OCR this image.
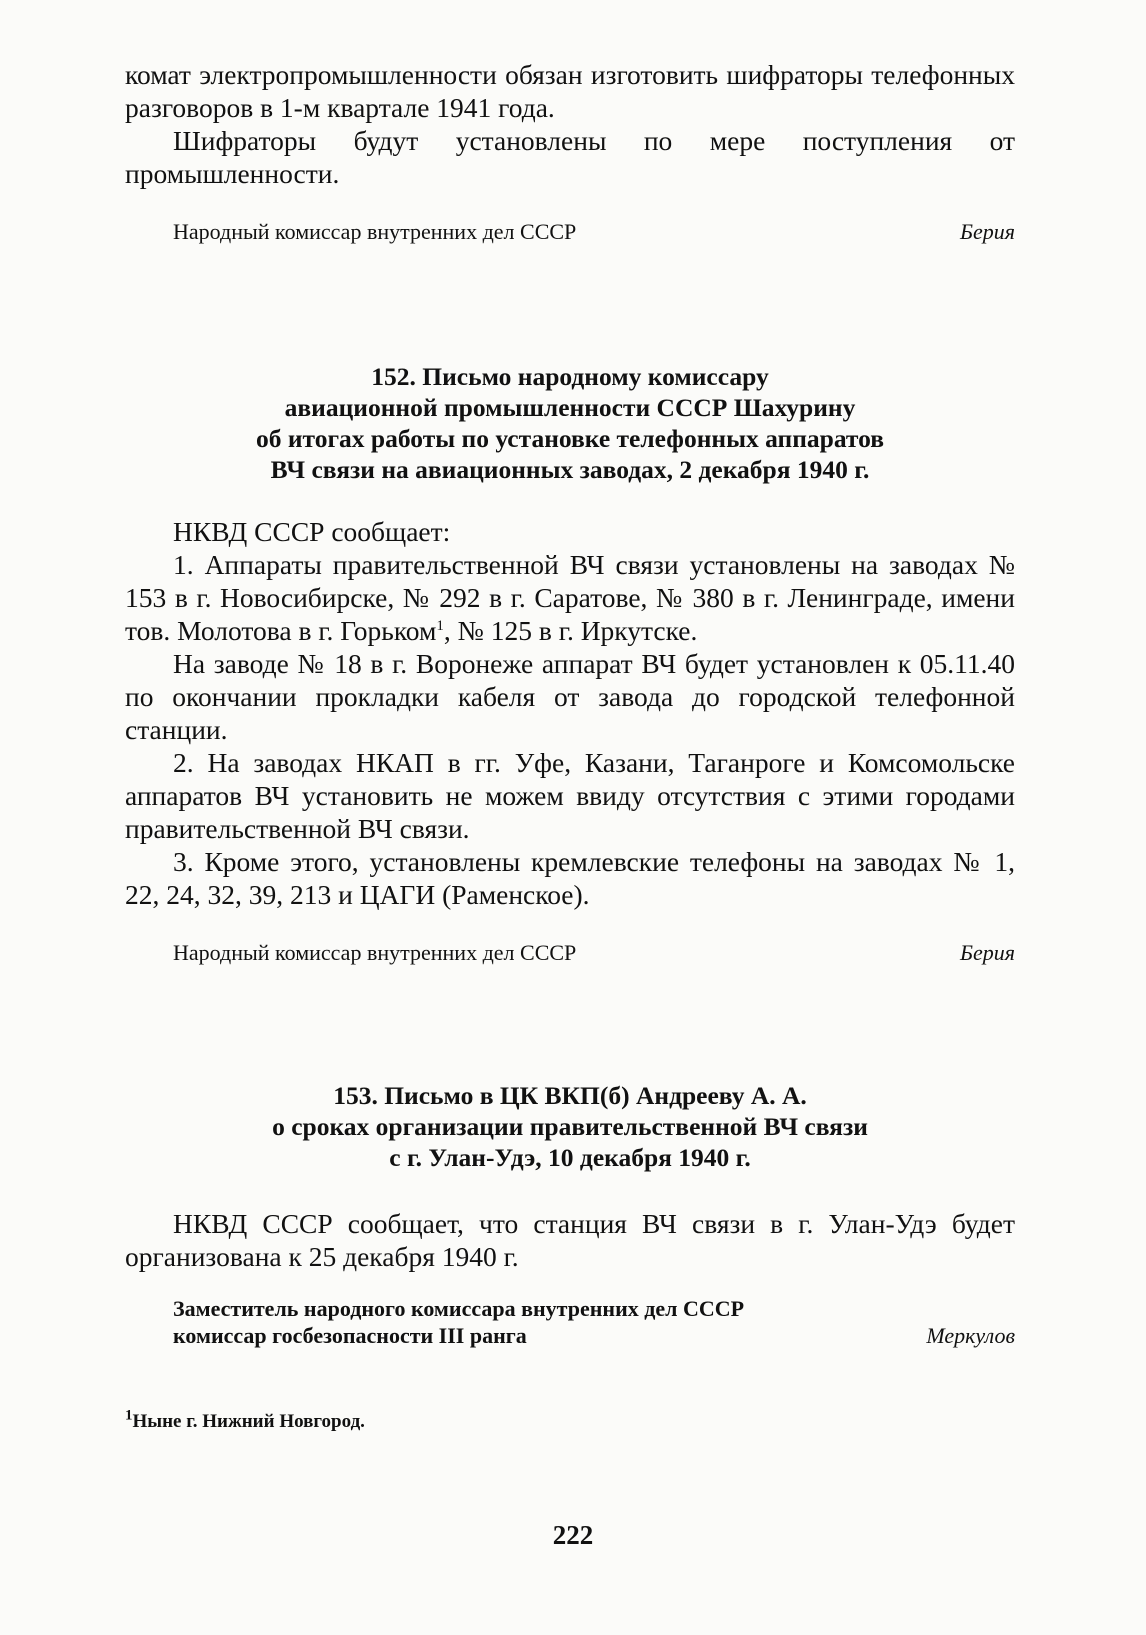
комат электропромышленности обязан изготовить шифраторы телефонных разговоров в 1-м квартале 1941 года.

Шифраторы будут установлены по мере поступления от промышленности.

Народный комиссар внутренних дел СССР	Берия

152. Письмо народному комиссару

авиационной промышленности СССР Шахурину

об итогах работы по установке телефонных аппаратов

ВЧ связи на авиационных заводах, 2 декабря 1940 г.

НКВД СССР сообщает:

1. Аппараты правительственной ВЧ связи установлены на заводах № 153 в г. Новосибирске, № 292 в г. Саратове, № 380 в г. Ленинграде, имени тов. Молотова в г. Горьком$^1$, № 125 в г. Иркутске.

На заводе № 18 в г. Воронеже аппарат ВЧ будет установлен к 05.11.40 по окончании прокладки кабеля от завода до городской телефонной станции.

2. На заводах НКАП в гг. Уфе, Казани, Таганроге и Комсомольске аппаратов ВЧ установить не можем ввиду отсутствия с этими городами правительственной ВЧ связи.

3. Кроме этого, установлены кремлевские телефоны на заводах № 1, 22, 24, 32, 39, 213 и ЦАГИ (Раменское).

Народный комиссар внутренних дел СССР	Берия

153. Письмо в ЦК ВКП(б) Андрееву А. А.

о сроках организации правительственной ВЧ связи

с г. Улан-Удэ, 10 декабря 1940 г.

НКВД СССР сообщает, что станция ВЧ связи в г. Улан-Удэ будет организована к 25 декабря 1940 г.

Заместитель народного комиссара внутренних дел СССР
комиссар госбезопасности III ранга	Меркулов
$^1$Ныне г. Нижний Новгород.
222
